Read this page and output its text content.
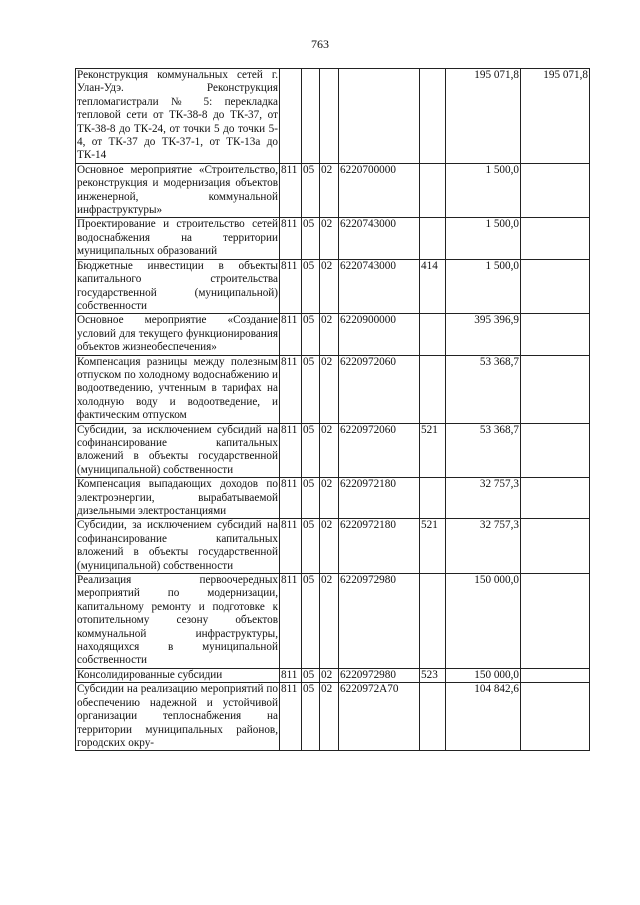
763
Реконструкция коммунальных сетей г. Улан-Удэ. Реконструкция тепломагистрали № 5: перекладка тепловой сети от ТК-38-8 до ТК-37, от ТК-38-8 до ТК-24, от точки 5 до точки 5-4, от ТК-37 до ТК-37-1, от ТК-13а до ТК-14						195 071,8	195 071,8
Основное мероприятие «Строительство, реконструкция и модернизация объектов инженерной, коммунальной инфраструктуры»	811	05	02	6220700000		1 500,0	
Проектирование и строительство сетей водоснабжения на территории муниципальных образований	811	05	02	6220743000		1 500,0	
Бюджетные инвестиции в объекты капитального строительства государственной (муниципальной) собственности	811	05	02	6220743000	414	1 500,0	
Основное мероприятие «Создание условий для текущего функционирования объектов жизнеобеспечения»	811	05	02	6220900000		395 396,9	
Компенсация разницы между полезным отпуском по холодному водоснабжению и водоотведению, учтенным в тарифах на холодную воду и водоотведение, и фактическим отпуском	811	05	02	6220972060		53 368,7	
Субсидии, за исключением субсидий на софинансирование капитальных вложений в объекты государственной (муниципальной) собственности	811	05	02	6220972060	521	53 368,7	
Компенсация выпадающих доходов по электроэнергии, вырабатываемой дизельными электростанциями	811	05	02	6220972180		32 757,3	
Субсидии, за исключением субсидий на софинансирование капитальных вложений в объекты государственной (муниципальной) собственности	811	05	02	6220972180	521	32 757,3	
Реализация первоочередных мероприятий по модернизации, капитальному ремонту и подготовке к отопительному сезону объектов коммунальной инфраструктуры, находящихся в муниципальной собственности	811	05	02	6220972980		150 000,0	
Консолидированные субсидии	811	05	02	6220972980	523	150 000,0	
Субсидии на реализацию мероприятий по обеспечению надежной и устойчивой организации теплоснабжения на территории муниципальных районов, городских окру-	811	05	02	6220972А70		104 842,6	
